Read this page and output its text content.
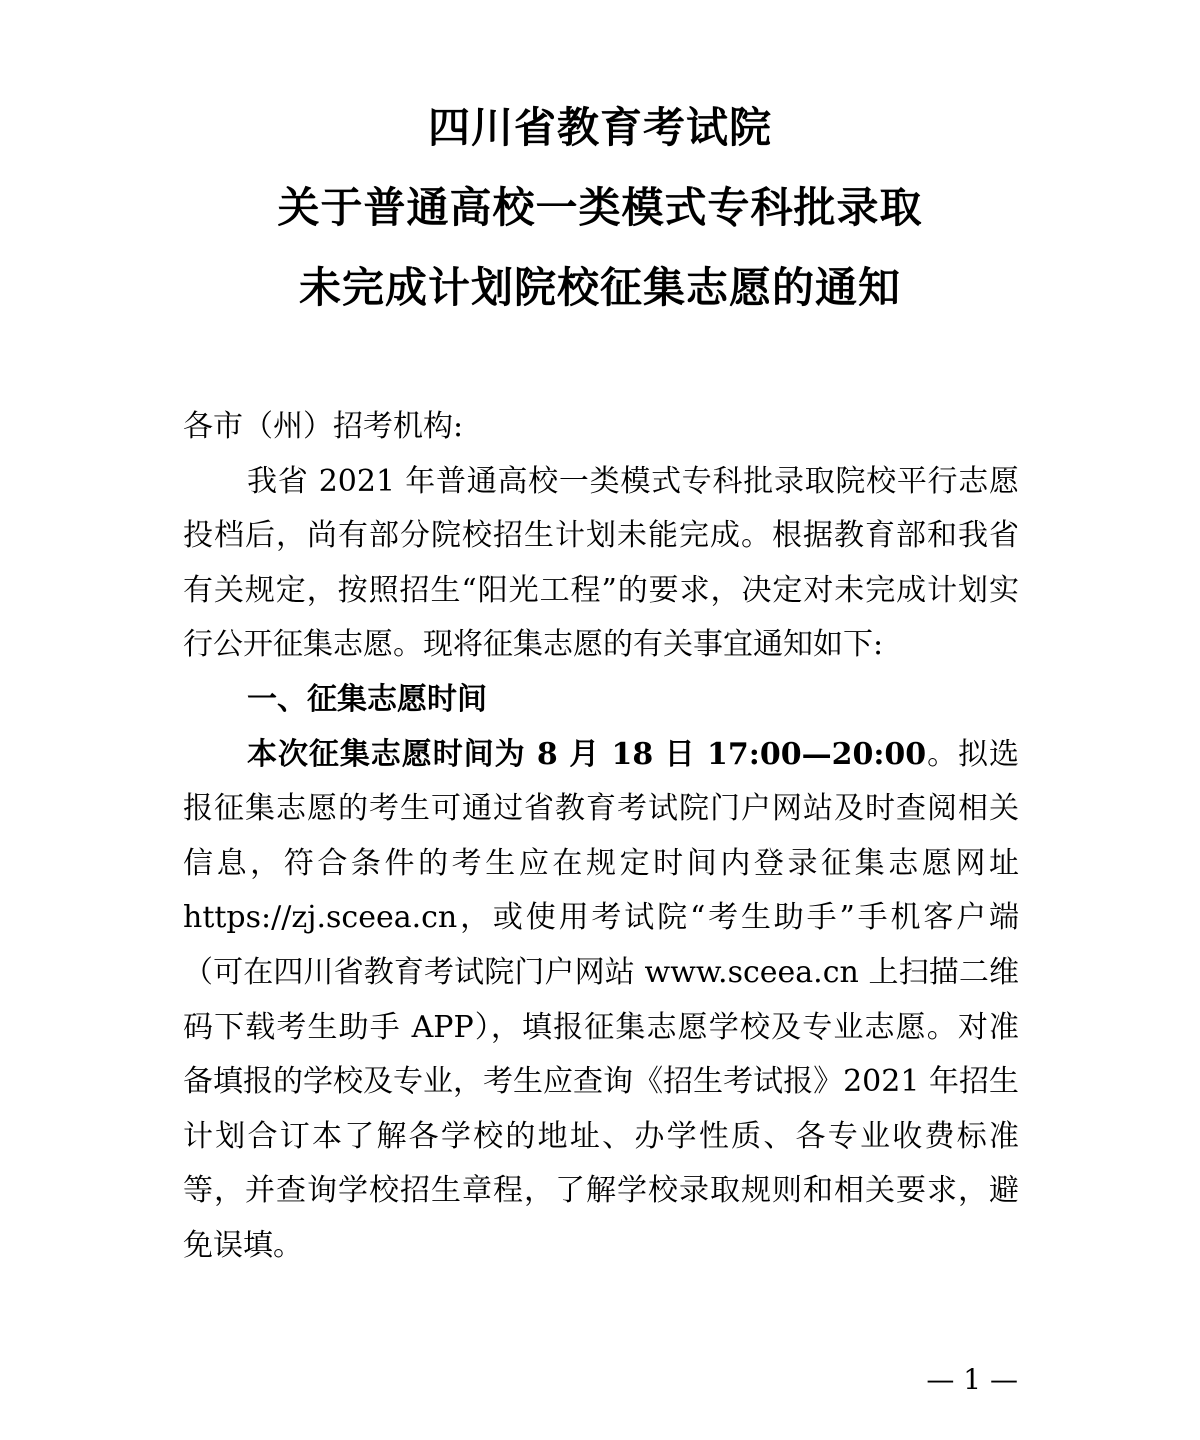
四川省教育考试院
关于普通高校一类模式专科批录取
未完成计划院校征集志愿的通知

各市（州）招考机构:

我省 2021 年普通高校一类模式专科批录取院校平行志愿投档后，尚有部分院校招生计划未能完成。根据教育部和我省有关规定，按照招生“阳光工程”的要求，决定对未完成计划实行公开征集志愿。现将征集志愿的有关事宜通知如下:

一、征集志愿时间

本次征集志愿时间为 8 月 18 日 17:00—20:00。拟选报征集志愿的考生可通过省教育考试院门户网站及时查阅相关信息，符合条件的考生应在规定时间内登录征集志愿网址 https://zj.sceea.cn，或使用考试院“考生助手”手机客户端（可在四川省教育考试院门户网站 www.sceea.cn 上扫描二维码下载考生助手 APP），填报征集志愿学校及专业志愿。对准备填报的学校及专业，考生应查询《招生考试报》2021 年招生计划合订本了解各学校的地址、办学性质、各专业收费标准等，并查询学校招生章程，了解学校录取规则和相关要求，避免误填。

— 1 —
